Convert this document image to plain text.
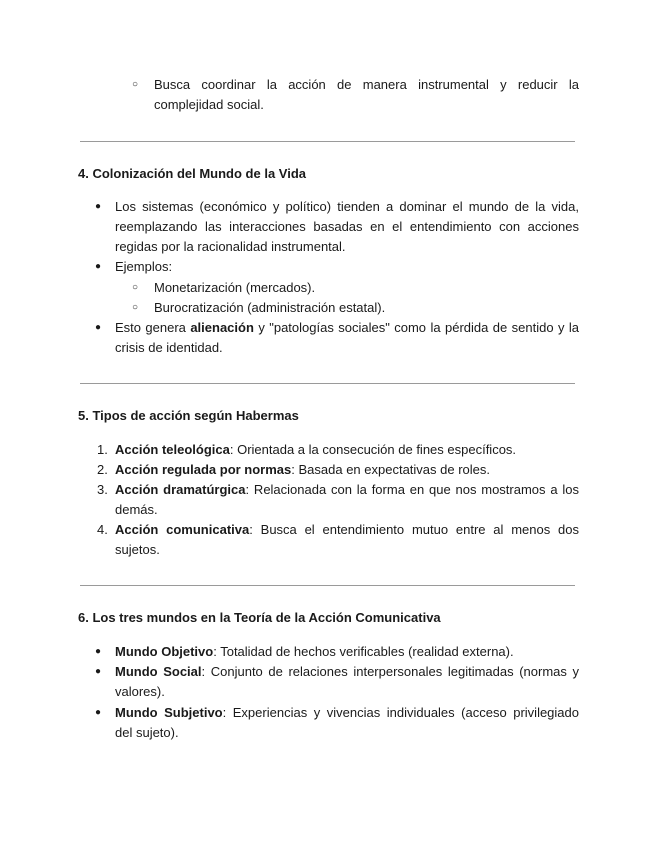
○ Busca coordinar la acción de manera instrumental y reducir la complejidad social.
4. Colonización del Mundo de la Vida
● Los sistemas (económico y político) tienden a dominar el mundo de la vida, reemplazando las interacciones basadas en el entendimiento con acciones regidas por la racionalidad instrumental.
● Ejemplos:
○ Monetarización (mercados).
○ Burocratización (administración estatal).
● Esto genera alienación y "patologías sociales" como la pérdida de sentido y la crisis de identidad.
5. Tipos de acción según Habermas
1. Acción teleológica: Orientada a la consecución de fines específicos.
2. Acción regulada por normas: Basada en expectativas de roles.
3. Acción dramatúrgica: Relacionada con la forma en que nos mostramos a los demás.
4. Acción comunicativa: Busca el entendimiento mutuo entre al menos dos sujetos.
6. Los tres mundos en la Teoría de la Acción Comunicativa
● Mundo Objetivo: Totalidad de hechos verificables (realidad externa).
● Mundo Social: Conjunto de relaciones interpersonales legitimadas (normas y valores).
● Mundo Subjetivo: Experiencias y vivencias individuales (acceso privilegiado del sujeto).
